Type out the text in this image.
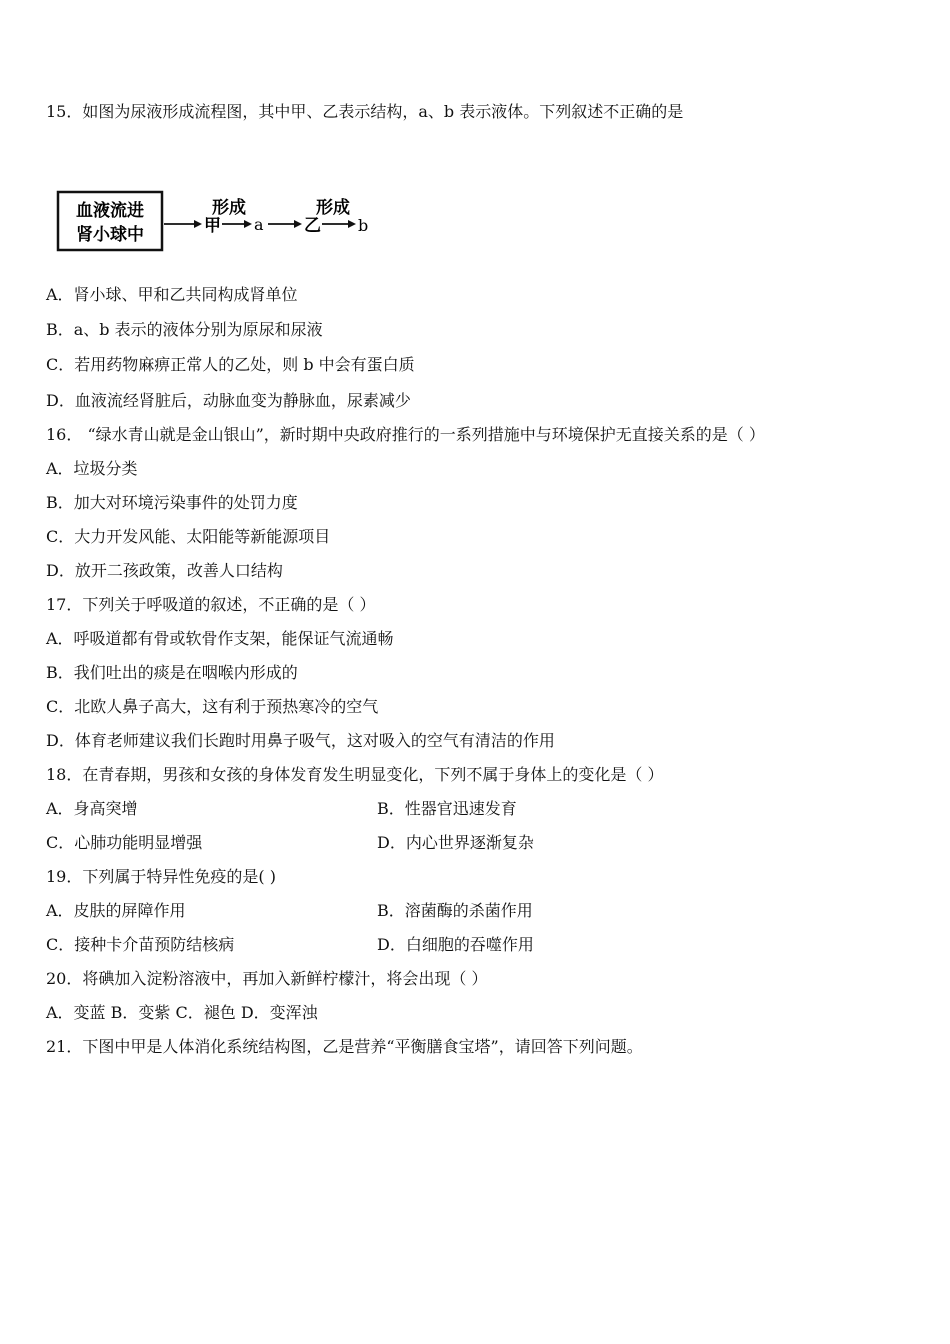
15．如图为尿液形成流程图，其中甲、乙表示结构，a、b 表示液体。下列叙述不正确的是
血液流进
肾小球中	甲
形成
a 乙
形成
b
A．肾小球、甲和乙共同构成肾单位
B．a、b 表示的液体分别为原尿和尿液
C．若用药物麻痹正常人的乙处，则 b 中会有蛋白质
D．血液流经肾脏后，动脉血变为静脉血，尿素减少
16． “绿水青山就是金山银山”，新时期中央政府推行的一系列措施中与环境保护无直接关系的是（ ）
A．垃圾分类
B．加大对环境污染事件的处罚力度
C．大力开发风能、太阳能等新能源项目
D．放开二孩政策，改善人口结构
17．下列关于呼吸道的叙述，不正确的是（ ）
A．呼吸道都有骨或软骨作支架，能保证气流通畅
B．我们吐出的痰是在咽喉内形成的
C．北欧人鼻子高大，这有利于预热寒冷的空气
D．体育老师建议我们长跑时用鼻子吸气，这对吸入的空气有清洁的作用
18．在青春期，男孩和女孩的身体发育发生明显变化，下列不属于身体上的变化是（ ）
A．身高突增	B．性器官迅速发育
C．心肺功能明显增强	D．内心世界逐渐复杂
19．下列属于特异性免疫的是( )
A．皮肤的屏障作用	B．溶菌酶的杀菌作用
C．接种卡介苗预防结核病	D．白细胞的吞噬作用
20．将碘加入淀粉溶液中，再加入新鲜柠檬汁，将会出现（ ）
A．变蓝 B．变紫 C．褪色 D．变浑浊
21．下图中甲是人体消化系统结构图，乙是营养“平衡膳食宝塔”，请回答下列问题。
